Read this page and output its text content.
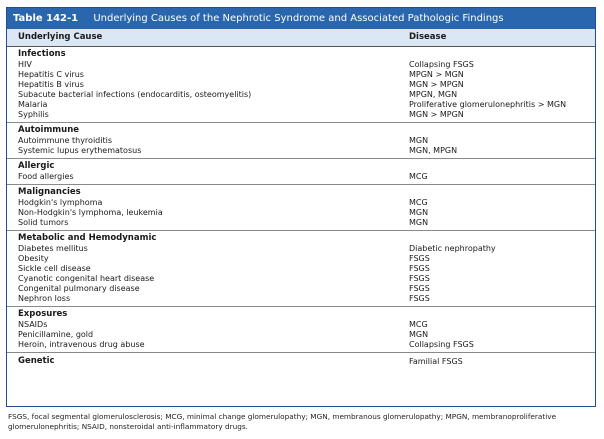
Table 142-1 Underlying Causes of the Nephrotic Syndrome and Associated Pathologic Findings
Underlying Cause	Disease
Infections
HIV	Collapsing FSGS
Hepatitis C virus	MPGN > MGN
Hepatitis B virus	MGN > MPGN
Subacute bacterial infections (endocarditis, osteomyelitis)	MPGN, MGN
Malaria	Proliferative glomerulonephritis > MGN
Syphilis	MGN > MPGN
Autoimmune
Autoimmune thyroiditis	MGN
Systemic lupus erythematosus	MGN, MPGN
Allergic
Food allergies	MCG
Malignancies
Hodgkin's lymphoma	MCG
Non-Hodgkin's lymphoma, leukemia	MGN
Solid tumors	MGN
Metabolic and Hemodynamic
Diabetes mellitus	Diabetic nephropathy
Obesity	FSGS
Sickle cell disease	FSGS
Cyanotic congenital heart disease	FSGS
Congenital pulmonary disease	FSGS
Nephron loss	FSGS
Exposures
NSAIDs	MCG
Penicillamine, gold	MGN
Heroin, intravenous drug abuse	Collapsing FSGS
Genetic	Familial FSGS
FSGS, focal segmental glomerulosclerosis; MCG, minimal change glomerulopathy; MGN, membranous glomerulopathy; MPGN, membranoproliferative glomerulonephritis; NSAID, nonsteroidal anti-inflammatory drugs.
